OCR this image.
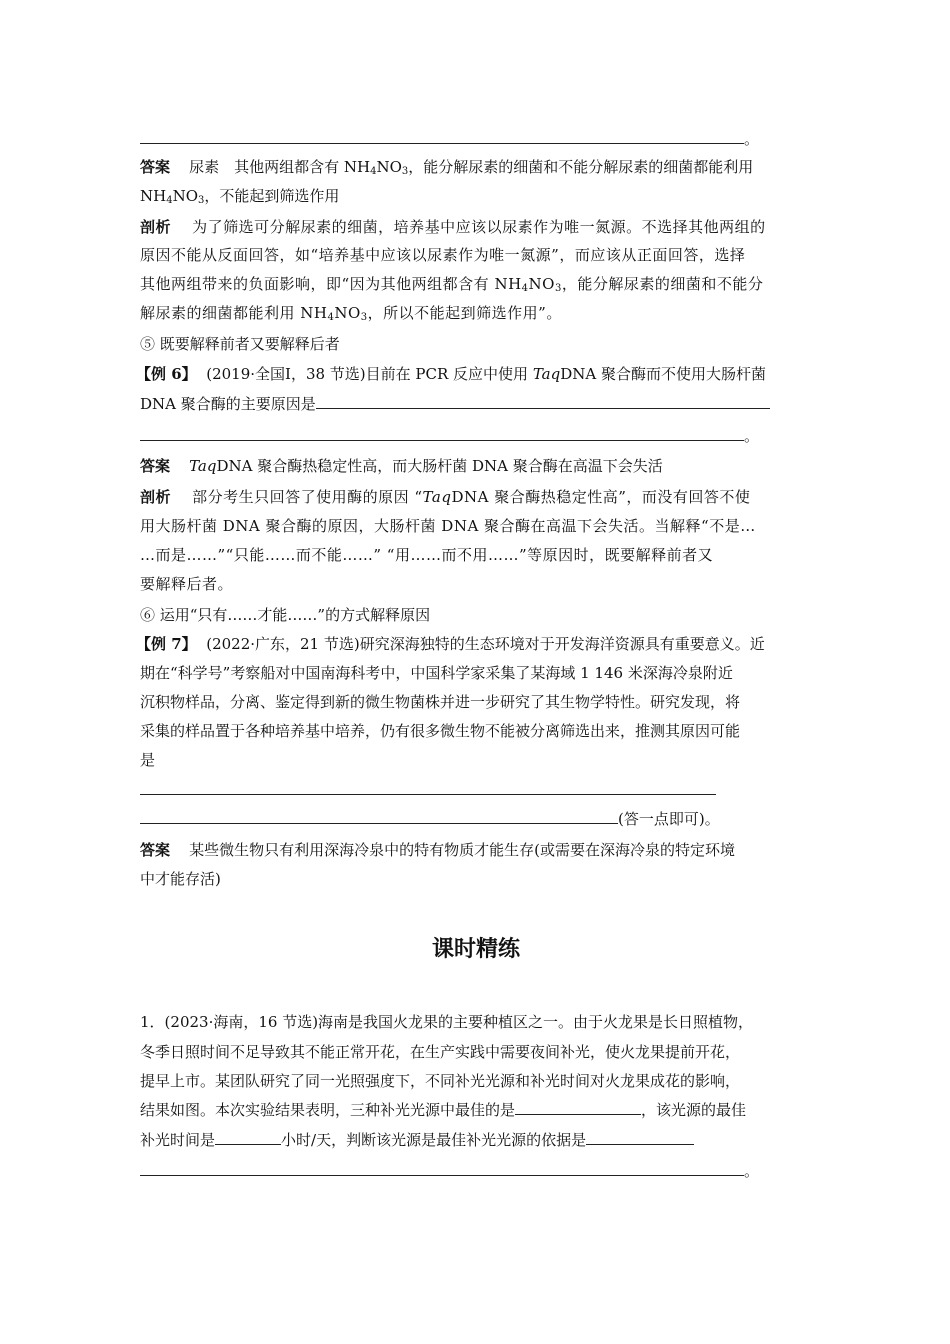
。
答案 尿素　其他两组都含有 $NH_4NO_3$，能分解尿素的细菌和不能分解尿素的细菌都能利用
$NH_4NO_3$，不能起到筛选作用
剖析 为了筛选可分解尿素的细菌，培养基中应该以尿素作为唯一氮源。不选择其他两组的
原因不能从反面回答，如“培养基中应该以尿素作为唯一氮源”，而应该从正面回答，选择
其他两组带来的负面影响，即“因为其他两组都含有 $NH_4NO_3$，能分解尿素的细菌和不能分
解尿素的细菌都能利用 $NH_4NO_3$，所以不能起到筛选作用”。
⑤ 既要解释前者又要解释后者
【例 6】 (2019·全国Ⅰ，38 节选)目前在 PCR 反应中使用 TaqDNA 聚合酶而不使用大肠杆菌
DNA 聚合酶的主要原因是
。
答案 TaqDNA 聚合酶热稳定性高，而大肠杆菌 DNA 聚合酶在高温下会失活
剖析 部分考生只回答了使用酶的原因 “TaqDNA 聚合酶热稳定性高”，而没有回答不使
用大肠杆菌 DNA 聚合酶的原因，大肠杆菌 DNA 聚合酶在高温下会失活。当解释“不是…
…而是……”“只能……而不能……” “用……而不用……”等原因时，既要解释前者又
要解释后者。
⑥ 运用“只有……才能……”的方式解释原因
【例 7】 (2022·广东，21 节选)研究深海独特的生态环境对于开发海洋资源具有重要意义。近
期在“科学号”考察船对中国南海科考中，中国科学家采集了某海域 1 146 米深海冷泉附近
沉积物样品，分离、鉴定得到新的微生物菌株并进一步研究了其生物学特性。研究发现，将
采集的样品置于各种培养基中培养，仍有很多微生物不能被分离筛选出来，推测其原因可能
是
(答一点即可)。
答案 某些微生物只有利用深海冷泉中的特有物质才能生存(或需要在深海冷泉的特定环境
中才能存活)
课时精练
1．(2023·海南，16 节选)海南是我国火龙果的主要种植区之一。由于火龙果是长日照植物，
冬季日照时间不足导致其不能正常开花，在生产实践中需要夜间补光，使火龙果提前开花，
提早上市。某团队研究了同一光照强度下，不同补光光源和补光时间对火龙果成花的影响，
结果如图。本次实验结果表明，三种补光光源中最佳的是	，该光源的最佳
补光时间是	小时/天，判断该光源是最佳补光光源的依据是
。
